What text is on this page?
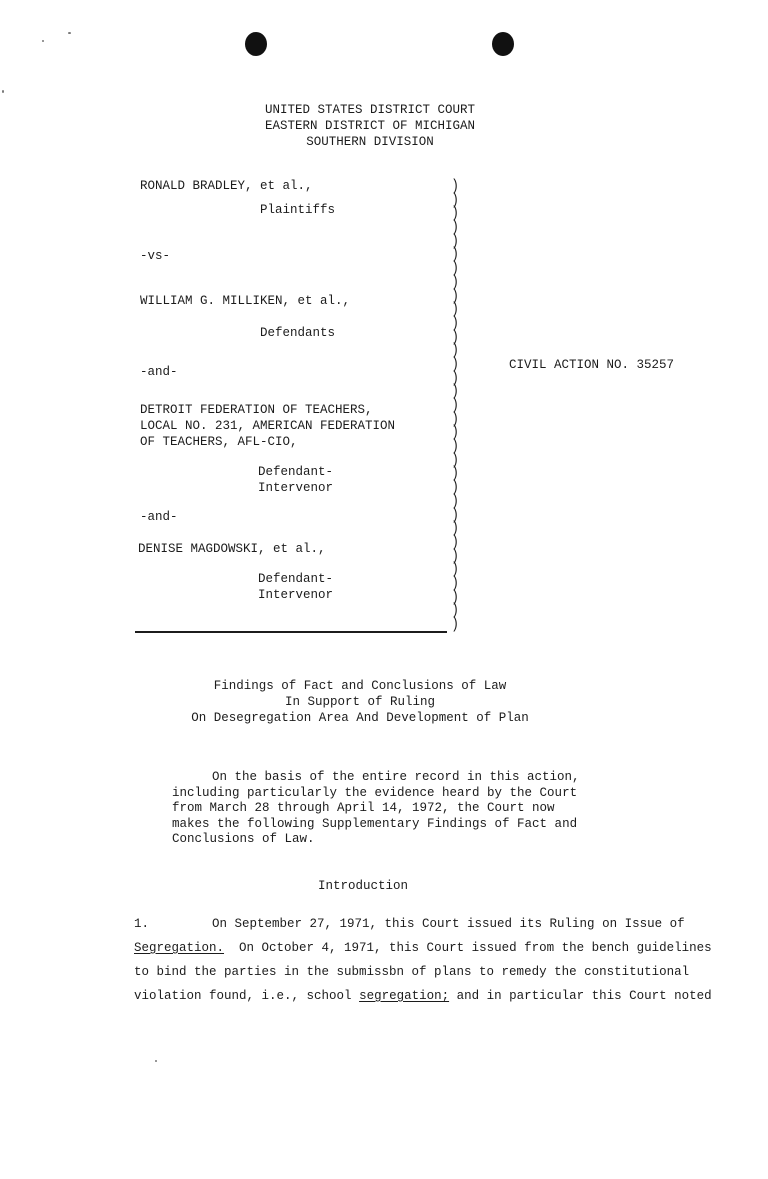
UNITED STATES DISTRICT COURT
EASTERN DISTRICT OF MICHIGAN
SOUTHERN DIVISION
RONALD BRADLEY, et al.,
Plaintiffs
-vs-
WILLIAM G. MILLIKEN, et al.,
Defendants
-and-
DETROIT FEDERATION OF TEACHERS,
LOCAL NO. 231, AMERICAN FEDERATION
OF TEACHERS, AFL-CIO,
Defendant-
Intervenor
-and-
DENISE MAGDOWSKI, et al.,
Defendant-
Intervenor
)
)
)
)
)
)
)
)
)
)
)
)
)
)
)
)
)
)
)
)
)
)
)
)
)
)
)
)
)
)
)
)
)
CIVIL ACTION NO. 35257
Findings of Fact and Conclusions of Law
In Support of Ruling
On Desegregation Area And Development of Plan
On the basis of the entire record in this action,
including particularly the evidence heard by the Court
from March 28 through April 14, 1972, the Court now
makes the following Supplementary Findings of Fact and
Conclusions of Law.
Introduction
1.	On September 27, 1971, this Court issued its Ruling on Issue of
Segregation. On October 4, 1971, this Court issued from the bench guidelines
to bind the parties in the submissbn of plans to remedy the constitutional
violation found, i.e., school segregation; and in particular this Court noted
